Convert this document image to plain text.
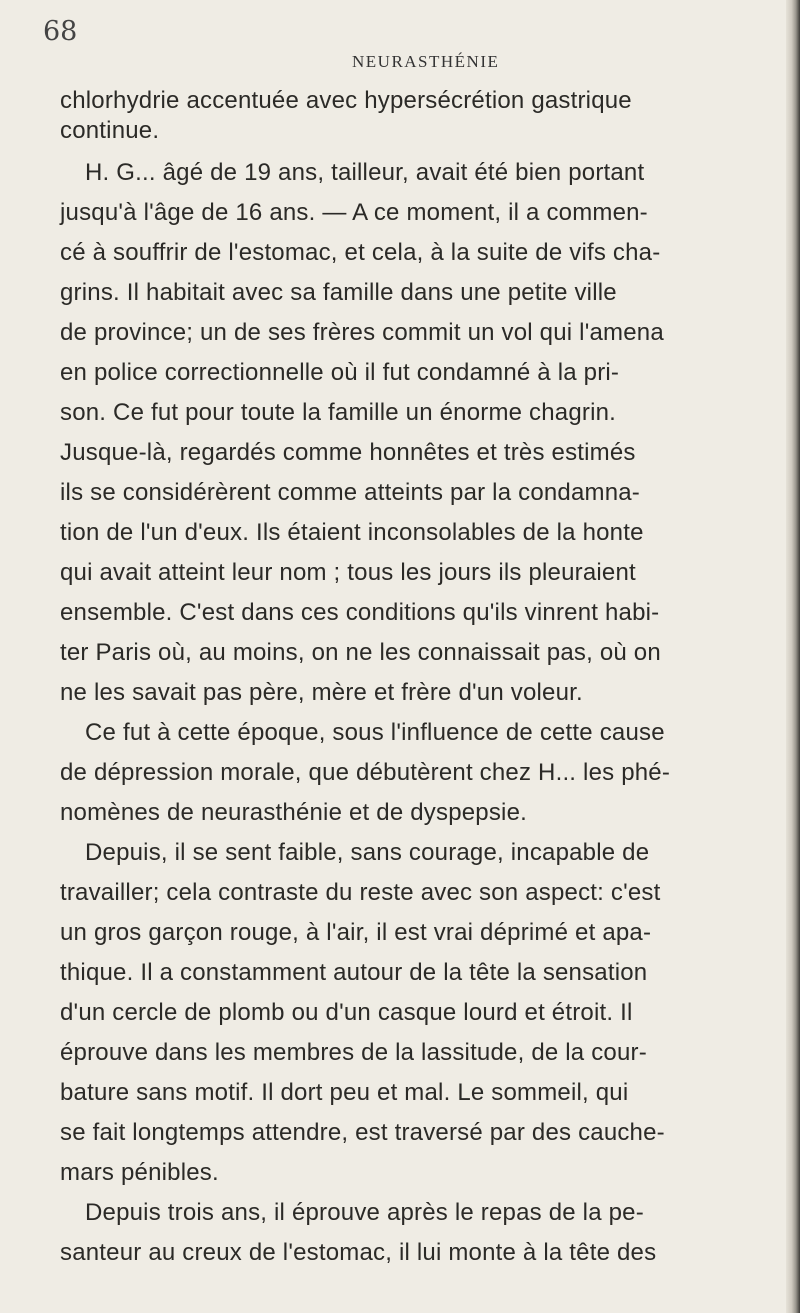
68
NEURASTHÉNIE
chlorhydrie accentuée avec hypersécrétion gastrique
continue.
H. G... âgé de 19 ans, tailleur, avait été bien portant
jusqu'à l'âge de 16 ans. — A ce moment, il a commen-
cé à souffrir de l'estomac, et cela, à la suite de vifs cha-
grins. Il habitait avec sa famille dans une petite ville
de province; un de ses frères commit un vol qui l'amena
en police correctionnelle où il fut condamné à la pri-
son. Ce fut pour toute la famille un énorme chagrin.
Jusque-là, regardés comme honnêtes et très estimés
ils se considérèrent comme atteints par la condamna-
tion de l'un d'eux. Ils étaient inconsolables de la honte
qui avait atteint leur nom ; tous les jours ils pleuraient
ensemble. C'est dans ces conditions qu'ils vinrent habi-
ter Paris où, au moins, on ne les connaissait pas, où on
ne les savait pas père, mère et frère d'un voleur.
Ce fut à cette époque, sous l'influence de cette cause
de dépression morale, que débutèrent chez H... les phé-
nomènes de neurasthénie et de dyspepsie.
Depuis, il se sent faible, sans courage, incapable de
travailler; cela contraste du reste avec son aspect: c'est
un gros garçon rouge, à l'air, il est vrai déprimé et apa-
thique. Il a constamment autour de la tête la sensation
d'un cercle de plomb ou d'un casque lourd et étroit. Il
éprouve dans les membres de la lassitude, de la cour-
bature sans motif. Il dort peu et mal. Le sommeil, qui
se fait longtemps attendre, est traversé par des cauche-
mars pénibles.
Depuis trois ans, il éprouve après le repas de la pe-
santeur au creux de l'estomac, il lui monte à la tête des
